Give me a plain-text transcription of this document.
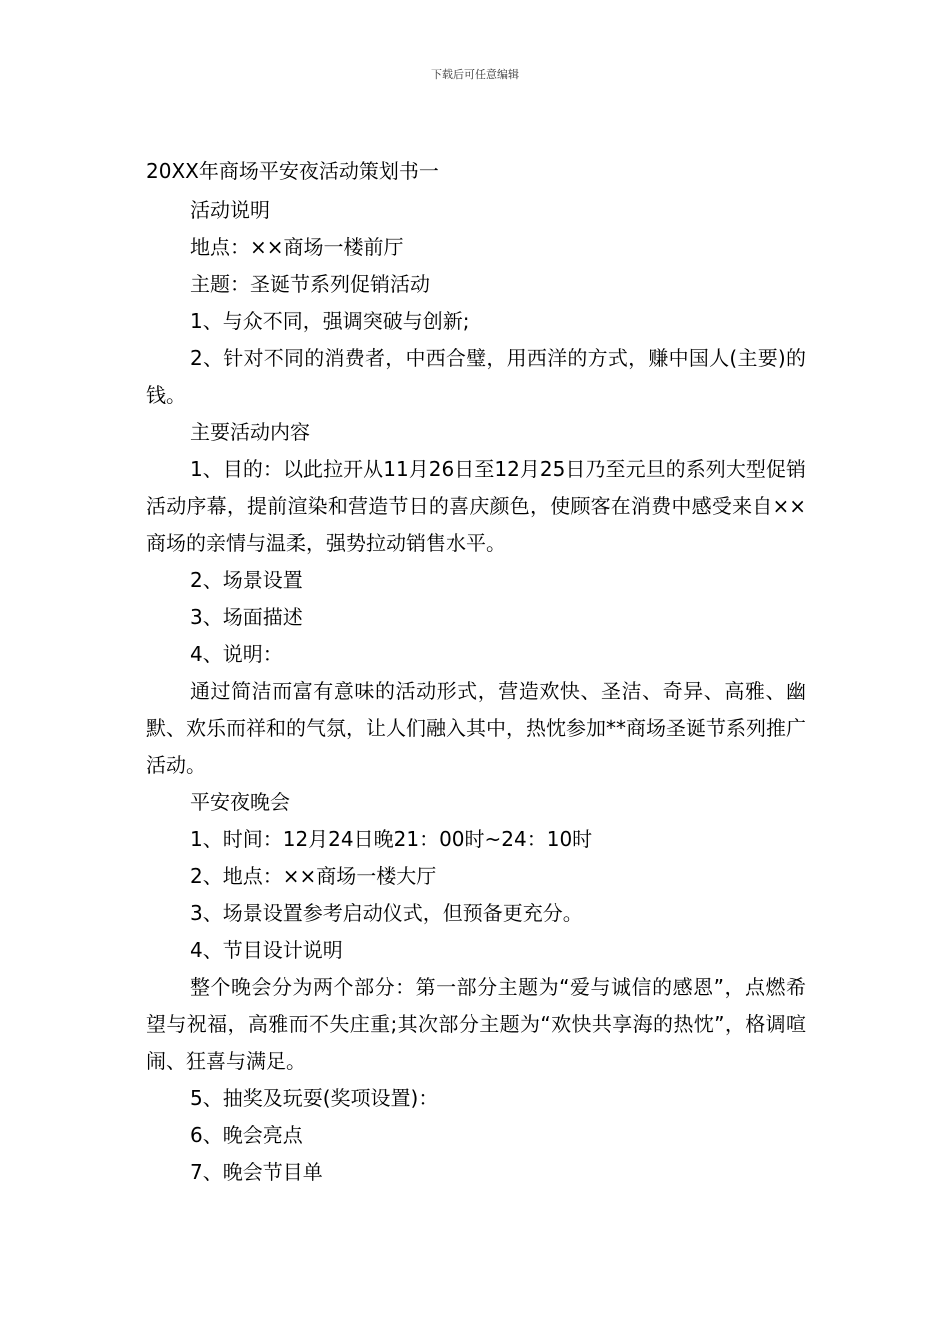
下载后可任意编辑
20XX年商场平安夜活动策划书一

活动说明

地点：××商场一楼前厅

主题：圣诞节系列促销活动

1、与众不同，强调突破与创新;

2、针对不同的消费者，中西合璧，用西洋的方式，赚中国人(主要)的钱。

主要活动内容

1、目的：以此拉开从11月26日至12月25日乃至元旦的系列大型促销活动序幕，提前渲染和营造节日的喜庆颜色，使顾客在消费中感受来自××商场的亲情与温柔，强势拉动销售水平。

2、场景设置

3、场面描述

4、说明：

通过简洁而富有意味的活动形式，营造欢快、圣洁、奇异、高雅、幽默、欢乐而祥和的气氛，让人们融入其中，热忱参加**商场圣诞节系列推广活动。

平安夜晚会

1、时间：12月24日晚21：00时~24：10时

2、地点：××商场一楼大厅

3、场景设置参考启动仪式，但预备更充分。

4、节目设计说明

整个晚会分为两个部分：第一部分主题为“爱与诚信的感恩”，点燃希望与祝福，高雅而不失庄重;其次部分主题为“欢快共享海的热忱”，格调喧闹、狂喜与满足。

5、抽奖及玩耍(奖项设置)：

6、晚会亮点

7、晚会节目单
